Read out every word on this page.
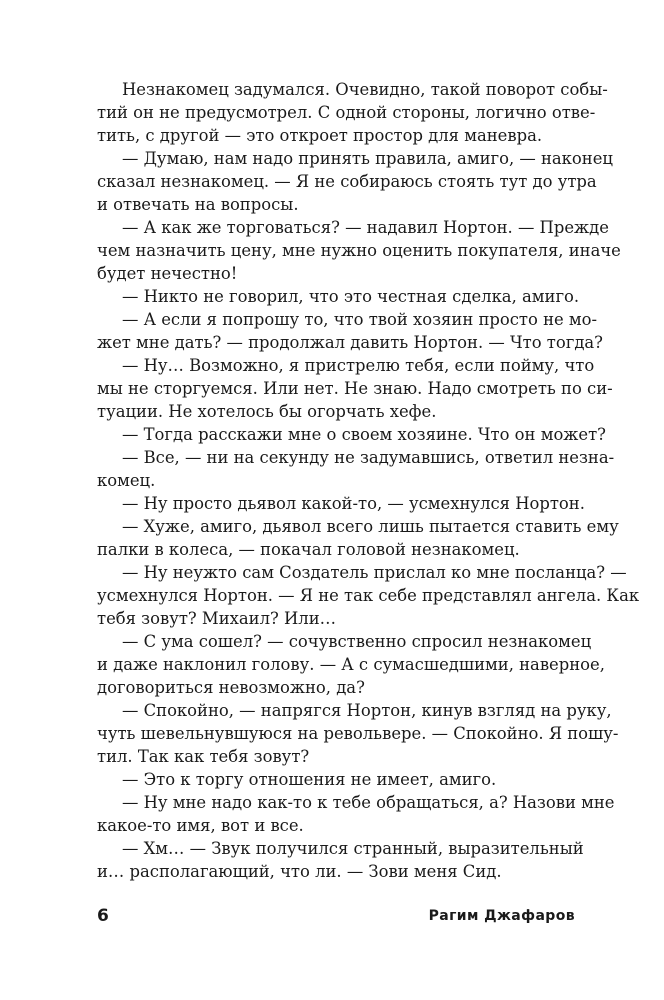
Незнакомец задумался. Очевидно, такой поворот собы-
тий он не предусмотрел. С одной стороны, логично отве-
тить, с другой — это откроет простор для маневра.
— Думаю, нам надо принять правила, амиго, — наконец
сказал незнакомец. — Я не собираюсь стоять тут до утра
и отвечать на вопросы.
— А как же торговаться? — надавил Нортон. — Прежде
чем назначить цену, мне нужно оценить покупателя, иначе
будет нечестно!
— Никто не говорил, что это честная сделка, амиго.
— А если я попрошу то, что твой хозяин просто не мо-
жет мне дать? — продолжал давить Нортон. — Что тогда?
— Ну… Возможно, я пристрелю тебя, если пойму, что
мы не сторгуемся. Или нет. Не знаю. Надо смотреть по си-
туации. Не хотелось бы огорчать хефе.
— Тогда расскажи мне о своем хозяине. Что он может?
— Все, — ни на секунду не задумавшись, ответил незна-
комец.
— Ну просто дьявол какой-то, — усмехнулся Нортон.
— Хуже, амиго, дьявол всего лишь пытается ставить ему
палки в колеса, — покачал головой незнакомец.
— Ну неужто сам Создатель прислал ко мне посланца? —
усмехнулся Нортон. — Я не так себе представлял ангела. Как
тебя зовут? Михаил? Или…
— С ума сошел? — сочувственно спросил незнакомец
и даже наклонил голову. — А с сумасшедшими, наверное,
договориться невозможно, да?
— Спокойно, — напрягся Нортон, кинув взгляд на руку,
чуть шевельнувшуюся на револьвере. — Спокойно. Я пошу-
тил. Так как тебя зовут?
— Это к торгу отношения не имеет, амиго.
— Ну мне надо как-то к тебе обращаться, а? Назови мне
какое-то имя, вот и все.
— Хм… — Звук получился странный, выразительный
и… располагающий, что ли. — Зови меня Сид.
6	Рагим Джафаров
